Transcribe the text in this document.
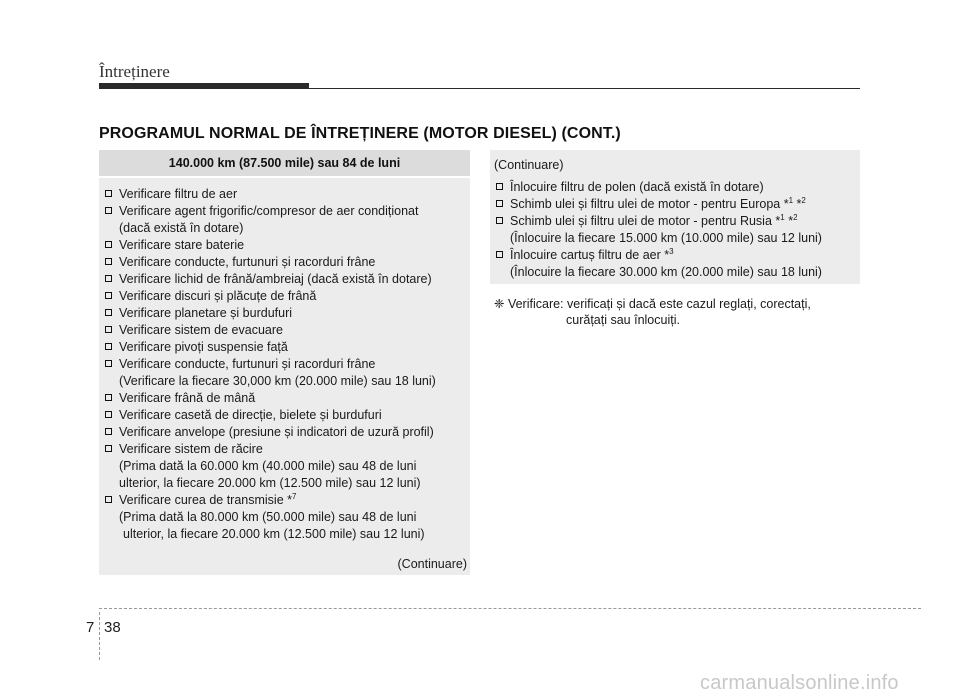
Întreținere
PROGRAMUL NORMAL DE ÎNTREȚINERE (MOTOR DIESEL) (CONT.)
140.000 km (87.500 mile) sau 84 de luni
Verificare filtru de aer
Verificare agent frigorific/compresor de aer condiționat
(dacă există în dotare)
Verificare stare baterie
Verificare conducte, furtunuri și racorduri frâne
Verificare lichid de frână/ambreiaj (dacă există în dotare)
Verificare discuri și plăcuțe de frână
Verificare planetare și burdufuri
Verificare sistem de evacuare
Verificare pivoți suspensie față
Verificare conducte, furtunuri și racorduri frâne
(Verificare la fiecare 30,000 km (20.000 mile) sau 18 luni)
Verificare frână de mână
Verificare casetă de direcție, bielete și burdufuri
Verificare anvelope (presiune și indicatori de uzură profil)
Verificare sistem de răcire
(Prima dată la 60.000 km (40.000 mile) sau 48 de luni
ulterior, la fiecare 20.000 km (12.500 mile) sau 12 luni)
Verificare curea de transmisie *$^7$
(Prima dată la 80.000 km (50.000 mile) sau 48 de luni
ulterior, la fiecare 20.000 km (12.500 mile) sau 12 luni)
(Continuare)
(Continuare)
Înlocuire filtru de polen (dacă există în dotare)
Schimb ulei și filtru ulei de motor - pentru Europa *$^1$ *$^2$
Schimb ulei și filtru ulei de motor - pentru Rusia *$^1$ *$^2$
(Înlocuire la fiecare 15.000 km (10.000 mile) sau 12 luni)
Înlocuire cartuș filtru de aer *$^3$
(Înlocuire la fiecare 30.000 km (20.000 mile) sau 18 luni)
❈ Verificare: verificați și dacă este cazul reglați, corectați,
curățați sau înlocuiți.
7 38
carmanualsonline.info
